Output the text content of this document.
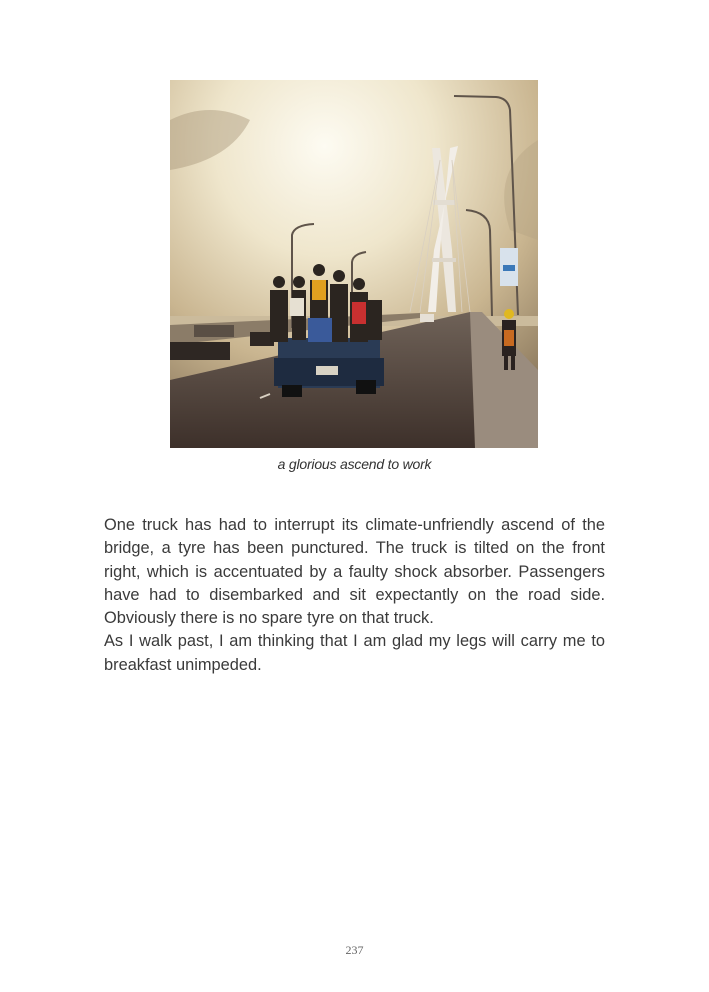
a glorious ascend to work

One truck has had to interrupt its climate-unfriendly ascend of the bridge, a tyre has been punctured. The truck is tilted on the front right, which is accentuated by a faulty shock absorber. Passengers have had to disembarked and sit expectantly on the road side. Obviously there is no spare tyre on that truck.

As I walk past, I am thinking that I am glad my legs will carry me to breakfast unimpeded.

237
